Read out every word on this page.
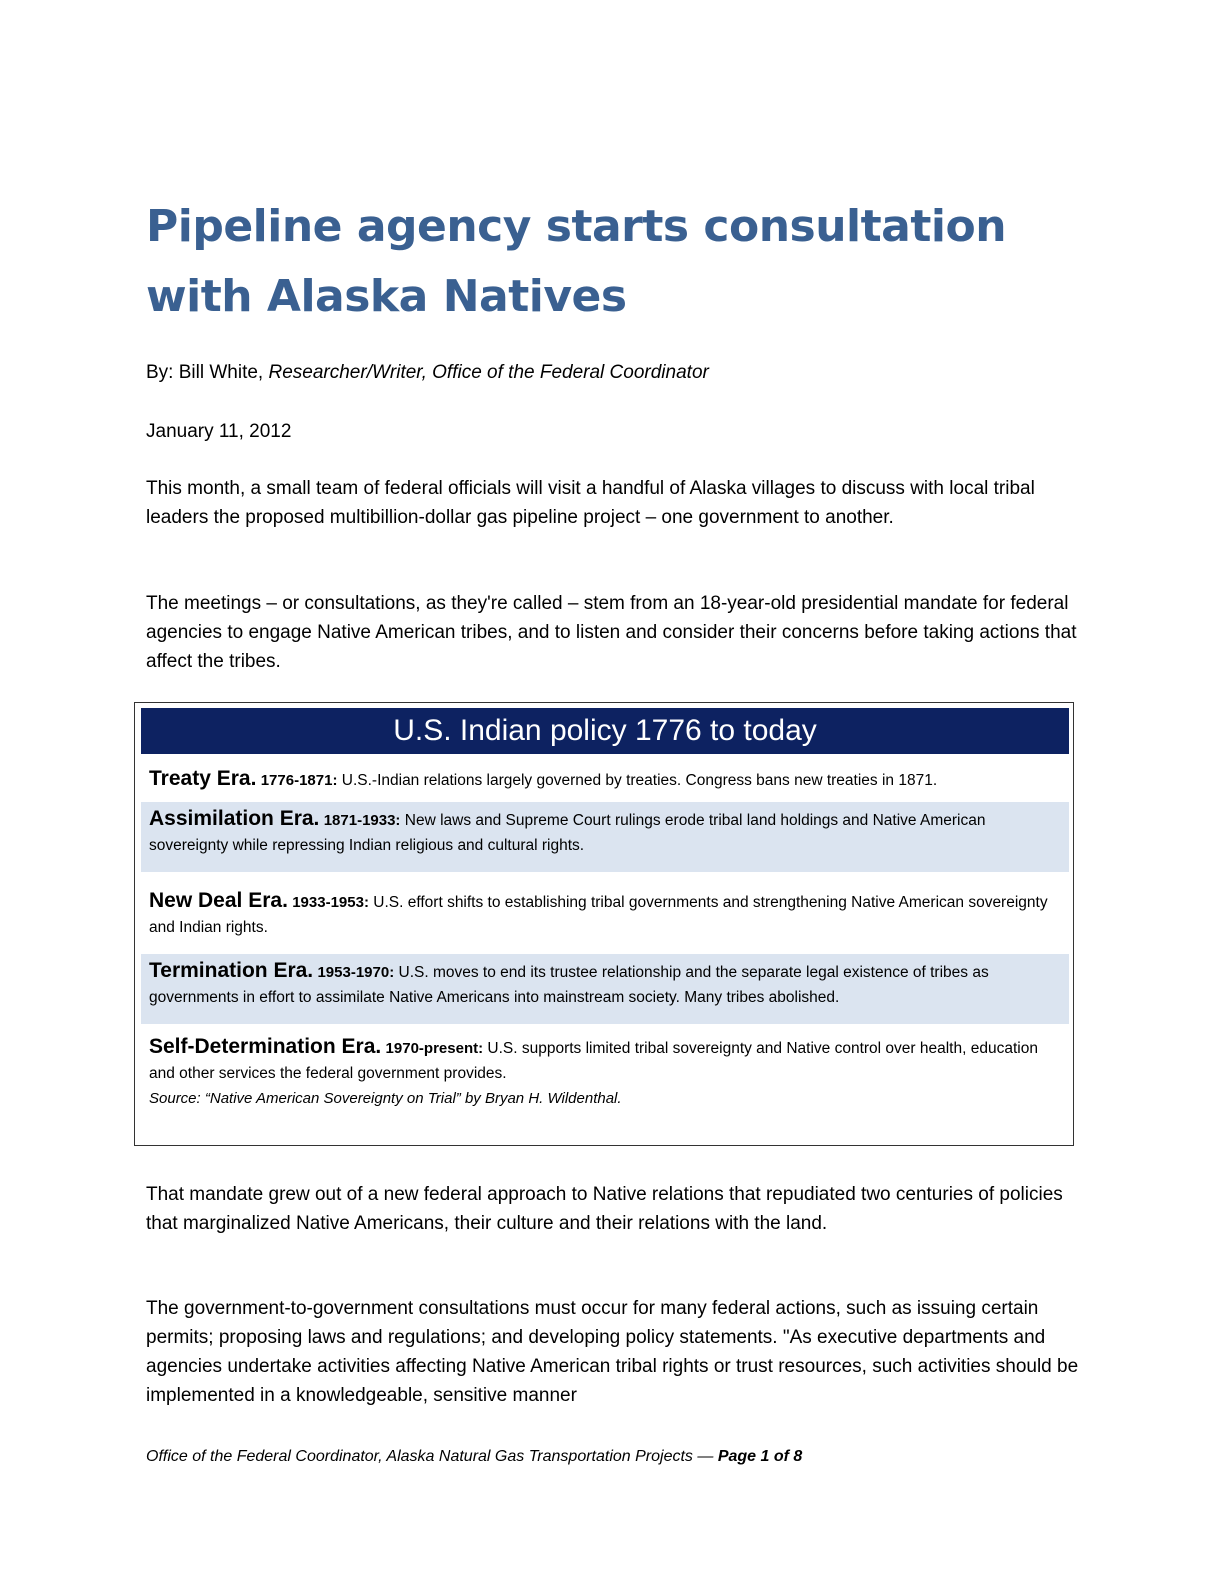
Pipeline agency starts consultation with Alaska Natives
By: Bill White, Researcher/Writer, Office of the Federal Coordinator
January 11, 2012

This month, a small team of federal officials will visit a handful of Alaska villages to discuss with local tribal leaders the proposed multibillion-dollar gas pipeline project – one government to another.

The meetings – or consultations, as they're called – stem from an 18-year-old presidential mandate for federal agencies to engage Native American tribes, and to listen and consider their concerns before taking actions that affect the tribes.

U.S. Indian policy 1776 to today
Treaty Era. 1776-1871: U.S.-Indian relations largely governed by treaties. Congress bans new treaties in 1871.
Assimilation Era. 1871-1933: New laws and Supreme Court rulings erode tribal land holdings and Native American sovereignty while repressing Indian religious and cultural rights.
New Deal Era. 1933-1953: U.S. effort shifts to establishing tribal governments and strengthening Native American sovereignty and Indian rights.
Termination Era. 1953-1970: U.S. moves to end its trustee relationship and the separate legal existence of tribes as governments in effort to assimilate Native Americans into mainstream society. Many tribes abolished.
Self-Determination Era. 1970-present: U.S. supports limited tribal sovereignty and Native control over health, education and other services the federal government provides.
Source: “Native American Sovereignty on Trial” by Bryan H. Wildenthal.

That mandate grew out of a new federal approach to Native relations that repudiated two centuries of policies that marginalized Native Americans, their culture and their relations with the land.

The government-to-government consultations must occur for many federal actions, such as issuing certain permits; proposing laws and regulations; and developing policy statements. "As executive departments and agencies undertake activities affecting Native American tribal rights or trust resources, such activities should be implemented in a knowledgeable, sensitive manner

Office of the Federal Coordinator, Alaska Natural Gas Transportation Projects — Page 1 of 8
